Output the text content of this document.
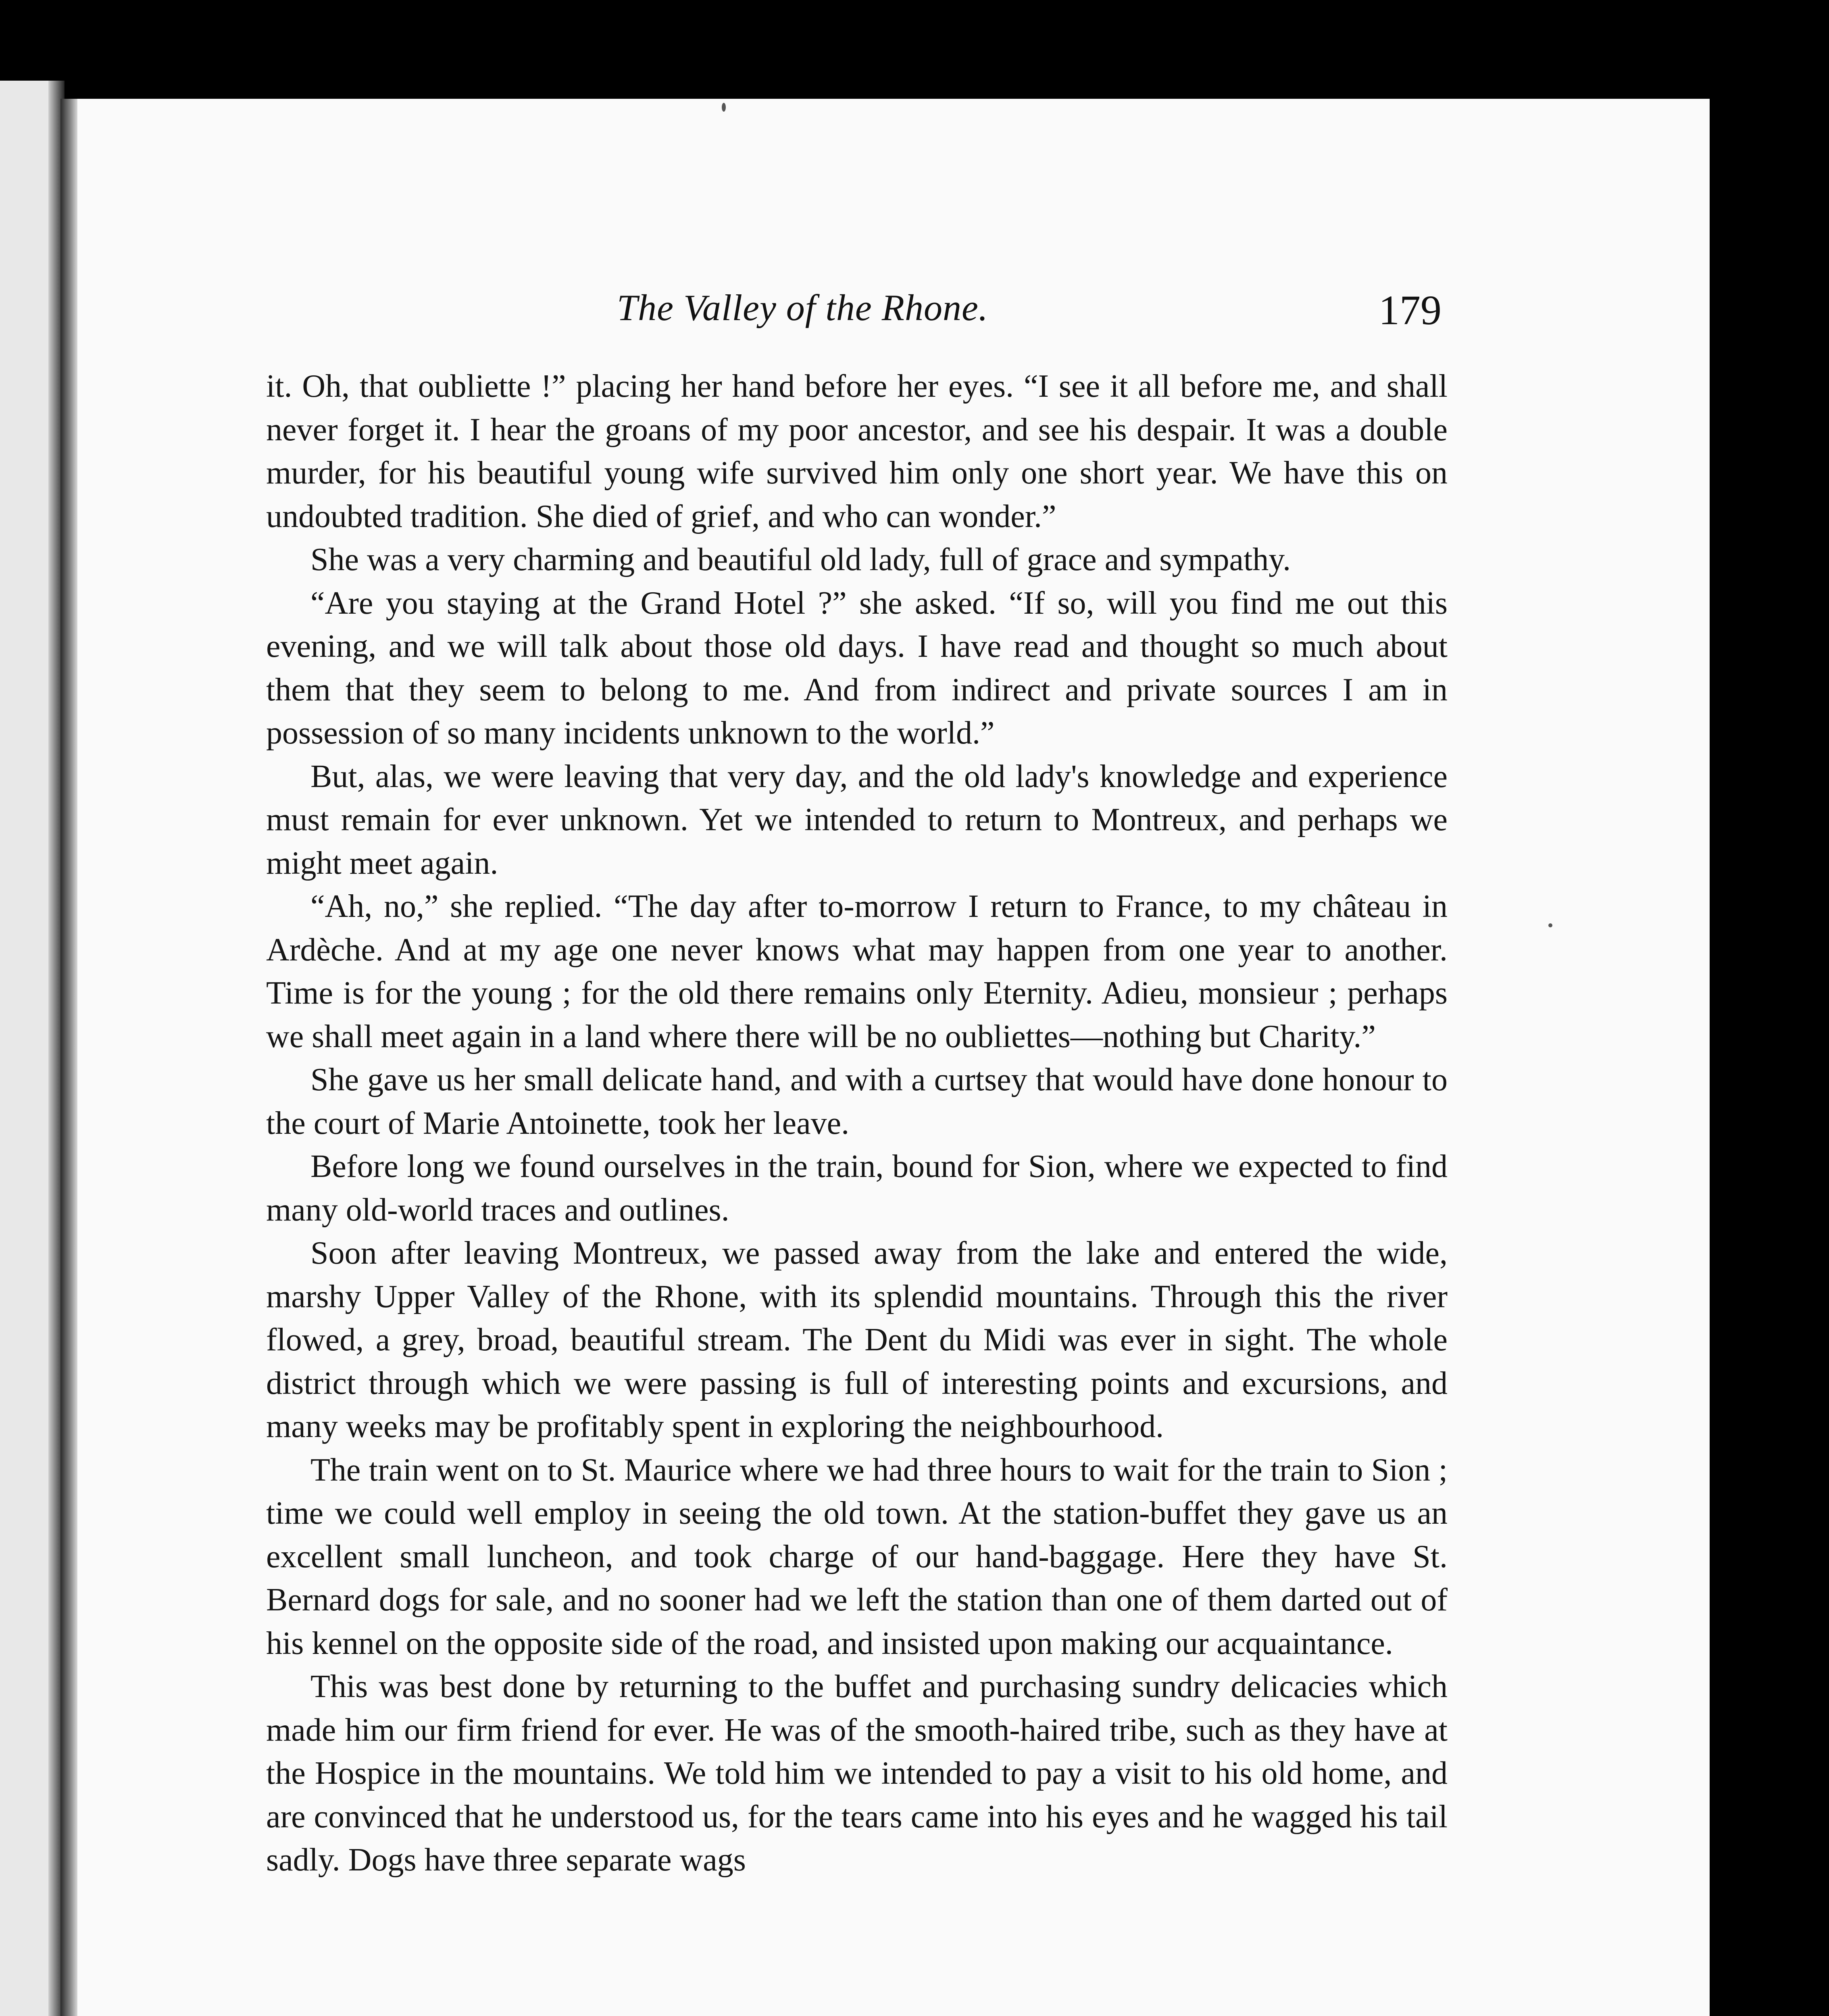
The Valley of the Rhone.	179

it. Oh, that oubliette !” placing her hand before her eyes. “I see it all before me, and shall never forget it. I hear the groans of my poor ancestor, and see his despair. It was a double murder, for his beautiful young wife survived him only one short year. We have this on undoubted tradition. She died of grief, and who can wonder.”

She was a very charming and beautiful old lady, full of grace and sympathy.

“Are you staying at the Grand Hotel ?” she asked. “If so, will you find me out this evening, and we will talk about those old days. I have read and thought so much about them that they seem to belong to me. And from indirect and private sources I am in possession of so many incidents unknown to the world.”

But, alas, we were leaving that very day, and the old lady's knowledge and experience must remain for ever unknown. Yet we intended to return to Montreux, and perhaps we might meet again.

“Ah, no,” she replied. “The day after to-morrow I return to France, to my château in Ardèche. And at my age one never knows what may happen from one year to another. Time is for the young ; for the old there remains only Eternity. Adieu, monsieur ; perhaps we shall meet again in a land where there will be no oubliettes—nothing but Charity.”

She gave us her small delicate hand, and with a curtsey that would have done honour to the court of Marie Antoinette, took her leave.

Before long we found ourselves in the train, bound for Sion, where we expected to find many old-world traces and outlines.

Soon after leaving Montreux, we passed away from the lake and entered the wide, marshy Upper Valley of the Rhone, with its splendid mountains. Through this the river flowed, a grey, broad, beautiful stream. The Dent du Midi was ever in sight. The whole district through which we were passing is full of interesting points and excursions, and many weeks may be profitably spent in exploring the neighbourhood.

The train went on to St. Maurice where we had three hours to wait for the train to Sion ; time we could well employ in seeing the old town. At the station-buffet they gave us an excellent small luncheon, and took charge of our hand-baggage. Here they have St. Bernard dogs for sale, and no sooner had we left the station than one of them darted out of his kennel on the opposite side of the road, and insisted upon making our acquaintance.

This was best done by returning to the buffet and purchasing sundry delicacies which made him our firm friend for ever. He was of the smooth-haired tribe, such as they have at the Hospice in the mountains. We told him we intended to pay a visit to his old home, and are convinced that he understood us, for the tears came into his eyes and he wagged his tail sadly. Dogs have three separate wags
